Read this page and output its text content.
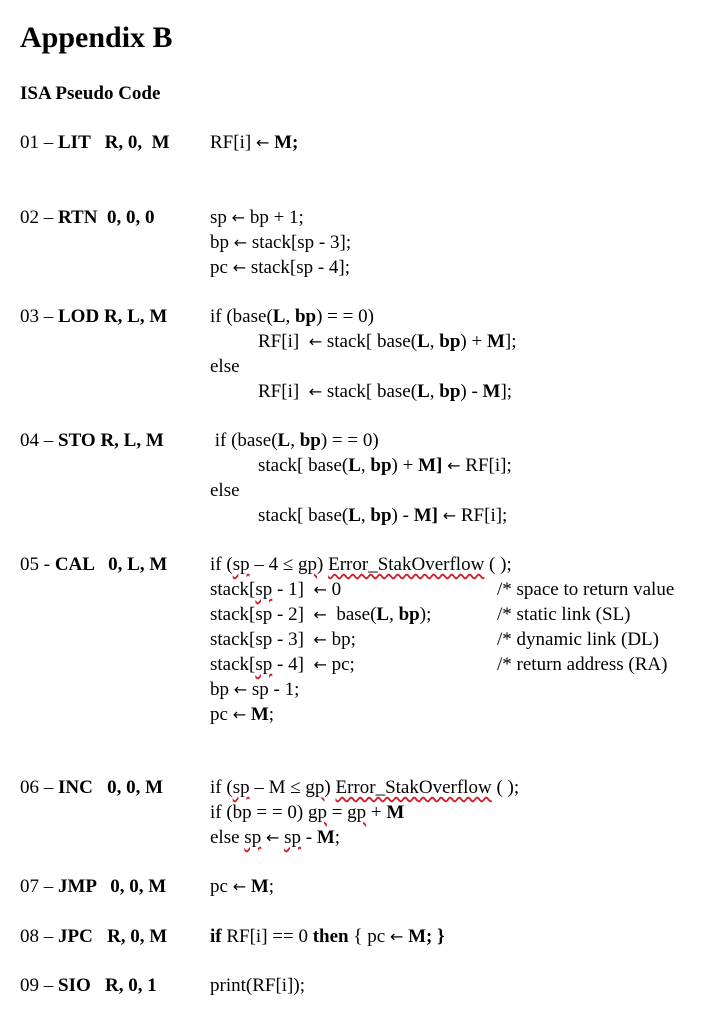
Appendix B
ISA Pseudo Code
01 – LIT   R, 0,  M RF[i] ← M;
02 – RTN  0, 0, 0	sp ← bp + 1;
bp ← stack[sp - 3];
pc ← stack[sp - 4];
03 – LOD R, L, M if (base(L, bp) = = 0)
RF[i]  ← stack[ base(L, bp) + M];
else
RF[i]  ← stack[ base(L, bp) - M];
04 – STO R, L, M if (base(L, bp) = = 0)
stack[ base(L, bp) + M] ← RF[i];
else
stack[ base(L, bp) - M] ← RF[i];
05 - CAL   0, L, M if (sp – 4 ≤ gp) Error_StakOverflow ( );
stack[sp - 1]  ← 0	/* space to return value
stack[sp - 2]  ←  base(L, bp);	/* static link (SL)
stack[sp - 3]  ← bp;	/* dynamic link (DL)
stack[sp - 4]  ← pc;	/* return address (RA)
bp ← sp - 1;
pc ← M;
06 – INC   0, 0, M if (sp – M ≤ gp) Error_StakOverflow ( );
if (bp = = 0) gp = gp + M
else sp ← sp - M;
07 – JMP   0, 0, M pc ← M;
08 – JPC   R, 0, M if RF[i] == 0 then { pc ← M; }
09 – SIO   R, 0, 1	print(RF[i]);
